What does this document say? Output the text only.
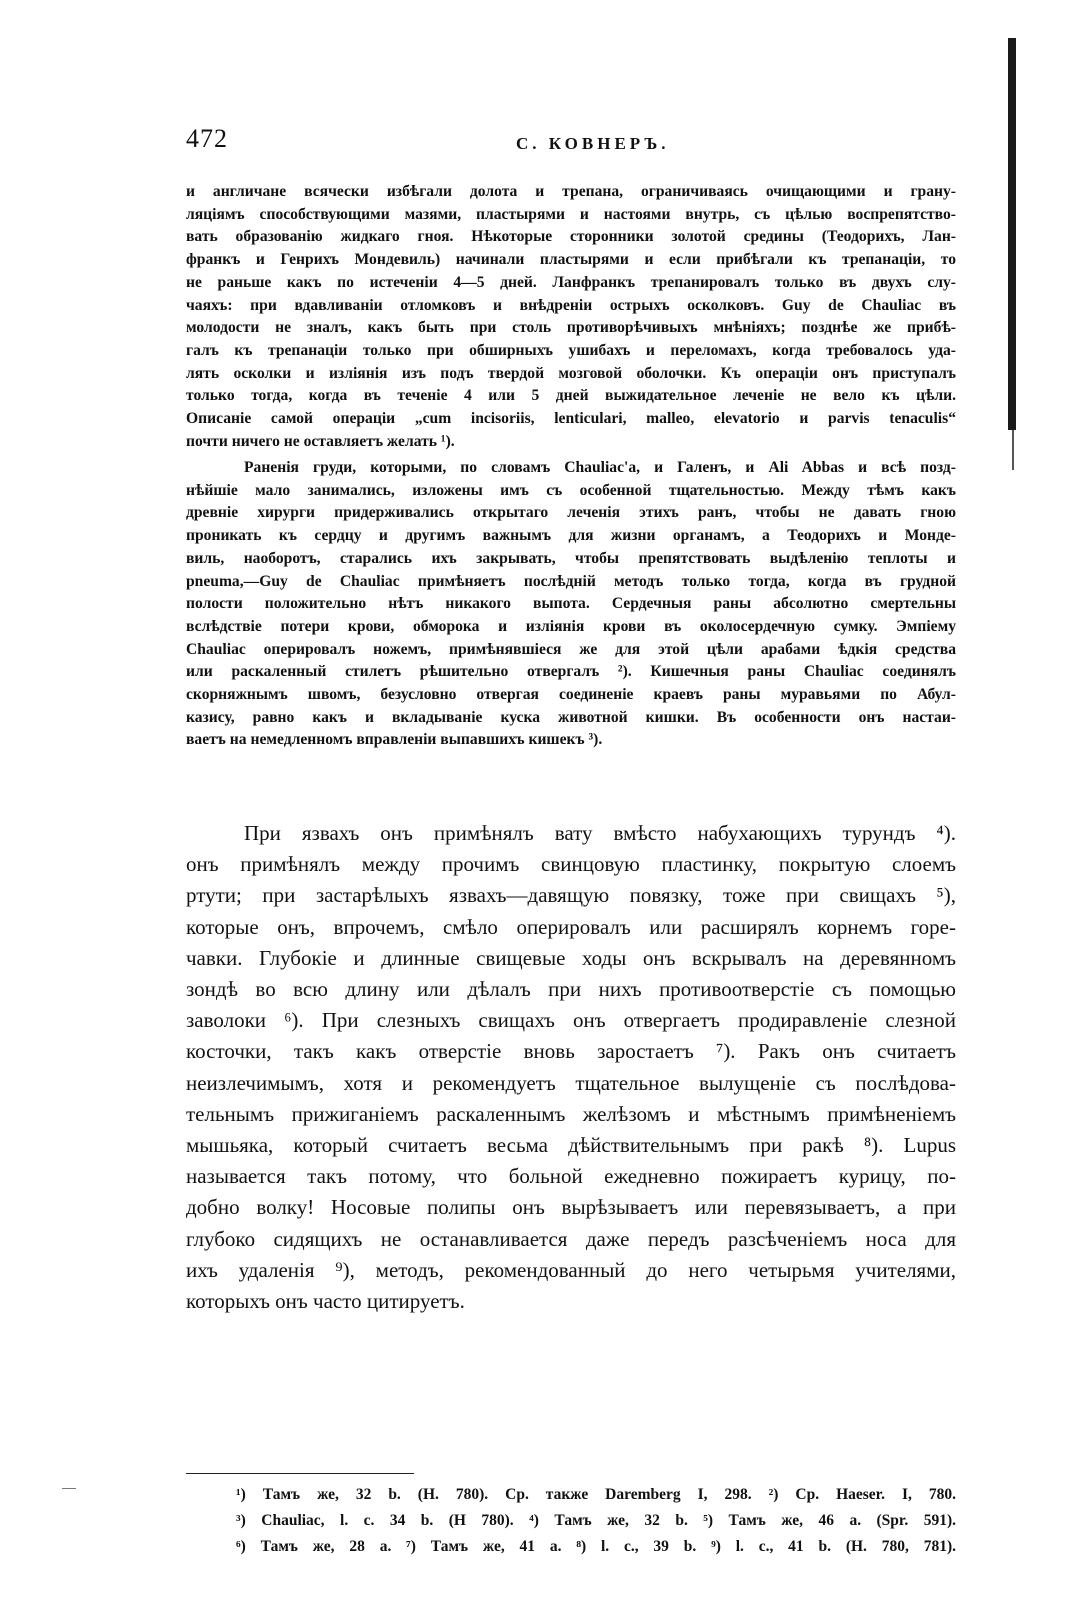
472	С. КОВНЕРЪ.
и англичане всячески избѣгали долота и трепана, ограничиваясь очищающими и грану-
ляціямъ способствующими мазями, пластырями и настоями внутрь, съ цѣлью воспрепятство-
вать образованію жидкаго гноя. Нѣкоторые сторонники золотой средины (Теодорихъ, Лан-
франкъ и Генрихъ Мондевиль) начинали пластырями и если прибѣгали къ трепанаціи, то
не раньше какъ по истеченіи 4—5 дней. Ланфранкъ трепанировалъ только въ двухъ слу-
чаяхъ: при вдавливаніи отломковъ и внѣдреніи острыхъ осколковъ. Guy de Chauliac въ
молодости не зналъ, какъ быть при столь противорѣчивыхъ мнѣніяхъ; позднѣе же прибѣ-
галъ къ трепанаціи только при обширныхъ ушибахъ и переломахъ, когда требовалось уда-
лять осколки и изліянія изъ подъ твердой мозговой оболочки. Къ операціи онъ приступалъ
только тогда, когда въ теченіе 4 или 5 дней выжидательное леченіе не вело къ цѣли.
Описаніе самой операціи „cum incisoriis, lenticulari, malleo, elevatorio и parvis tenaculis“
почти ничего не оставляетъ желать ¹).
Раненія груди, которыми, по словамъ Chauliac'а, и Галенъ, и Ali Abbas и всѣ позд-
нѣйшіе мало занимались, изложены имъ съ особенной тщательностью. Между тѣмъ какъ
древніе хирурги придерживались открытаго леченія этихъ ранъ, чтобы не давать гною
проникать къ сердцу и другимъ важнымъ для жизни органамъ, а Теодорихъ и Монде-
виль, наоборотъ, старались ихъ закрывать, чтобы препятствовать выдѣленію теплоты и
pneuma,—Guy de Chauliac примѣняетъ послѣдній методъ только тогда, когда въ грудной
полости положительно нѣтъ никакого выпота. Сердечныя раны абсолютно смертельны
вслѣдствіе потери крови, обморока и изліянія крови въ околосердечную сумку. Эмпіему
Chauliac оперировалъ ножемъ, примѣнявшіеся же для этой цѣли арабами ѣдкія средства
или раскаленный стилетъ рѣшительно отвергалъ ²). Кишечныя раны Chauliac соединялъ
скорняжнымъ швомъ, безусловно отвергая соединеніе краевъ раны муравьями по Абул-
казису, равно какъ и вкладываніе куска животной кишки. Въ особенности онъ настаи-
ваетъ на немедленномъ вправленіи выпавшихъ кишекъ ³).
При язвахъ онъ примѣнялъ вату вмѣсто набухающихъ турундъ ⁴).
онъ примѣнялъ между прочимъ свинцовую пластинку, покрытую слоемъ
ртути; при застарѣлыхъ язвахъ—давящую повязку, тоже при свищахъ ⁵),
которые онъ, впрочемъ, смѣло оперировалъ или расширялъ корнемъ горе-
чавки. Глубокіе и длинные свищевые ходы онъ вскрывалъ на деревянномъ
зондѣ во всю длину или дѣлалъ при нихъ противоотверстіе съ помощью
заволоки ⁶). При слезныхъ свищахъ онъ отвергаетъ продиравленіе слезной
косточки, такъ какъ отверстіе вновь заростаетъ ⁷). Ракъ онъ считаетъ
неизлечимымъ, хотя и рекомендуетъ тщательное вылущеніе съ послѣдова-
тельнымъ прижиганіемъ раскаленнымъ желѣзомъ и мѣстнымъ примѣненіемъ
мышьяка, который считаетъ весьма дѣйствительнымъ при ракѣ ⁸). Lupus
называется такъ потому, что больной ежедневно пожираетъ курицу, по-
добно волку! Носовые полипы онъ вырѣзываетъ или перевязываетъ, а при
глубоко сидящихъ не останавливается даже передъ разсѣченіемъ носа для
ихъ удаленія ⁹), методъ, рекомендованный до него четырьмя учителями,
которыхъ онъ часто цитируетъ.
¹) Тамъ же, 32 b. (H. 780). Ср. также Daremberg I, 298. ²) Ср. Haeser. I, 780.
³) Chauliac, l. c. 34 b. (H 780). ⁴) Тамъ же, 32 b. ⁵) Тамъ же, 46 a. (Spr. 591).
⁶) Тамъ же, 28 a. ⁷) Тамъ же, 41 a. ⁸) l. c., 39 b. ⁹) l. c., 41 b. (H. 780, 781).
